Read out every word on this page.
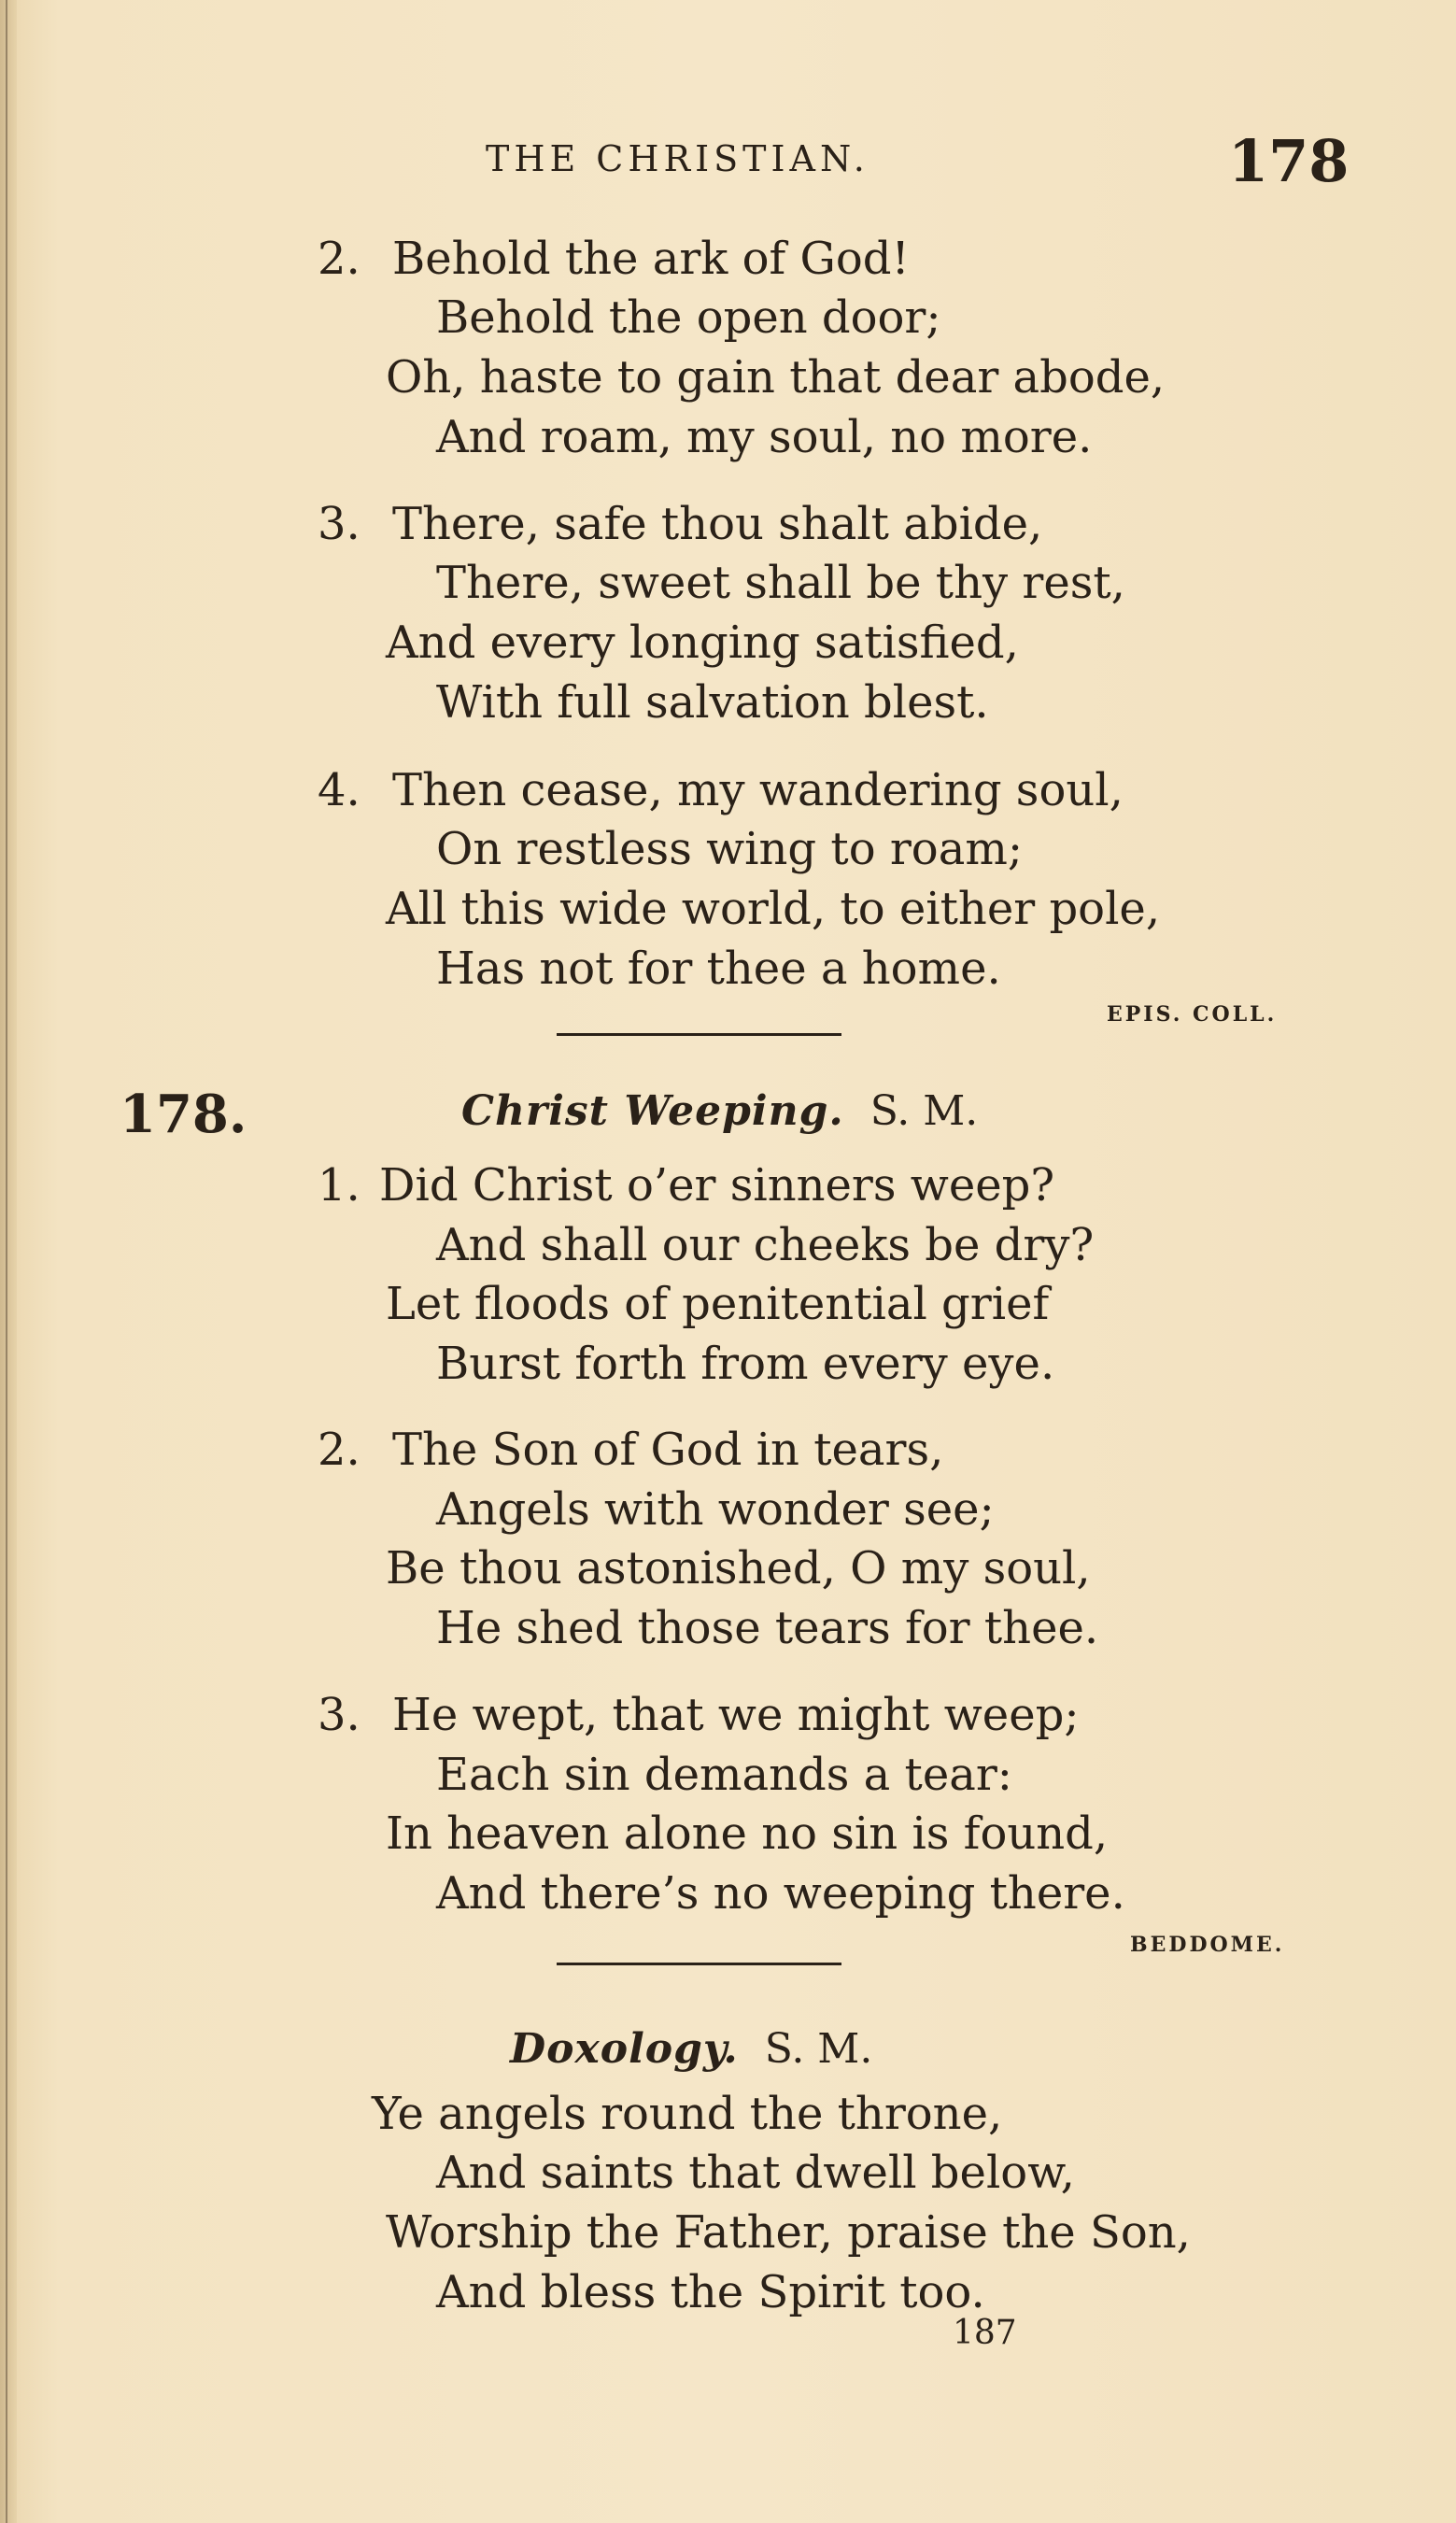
THE CHRISTIAN.	178
2. Behold the ark of God!
Behold the open door;
Oh, haste to gain that dear abode,
And roam, my soul, no more.
3. There, safe thou shalt abide,
There, sweet shall be thy rest,
And every longing satisfied,
With full salvation blest.
4. Then cease, my wandering soul,
On restless wing to roam;
All this wide world, to either pole,
Has not for thee a home.
EPIS. COLL.
178.	Christ Weeping. S. M.
1. Did Christ o’er sinners weep?
And shall our cheeks be dry?
Let floods of penitential grief
Burst forth from every eye.
2. The Son of God in tears,
Angels with wonder see;
Be thou astonished, O my soul,
He shed those tears for thee.
3. He wept, that we might weep;
Each sin demands a tear:
In heaven alone no sin is found,
And there’s no weeping there.
BEDDOME.
Doxology. S. M.
Ye angels round the throne,
And saints that dwell below,
Worship the Father, praise the Son,
And bless the Spirit too.
187
